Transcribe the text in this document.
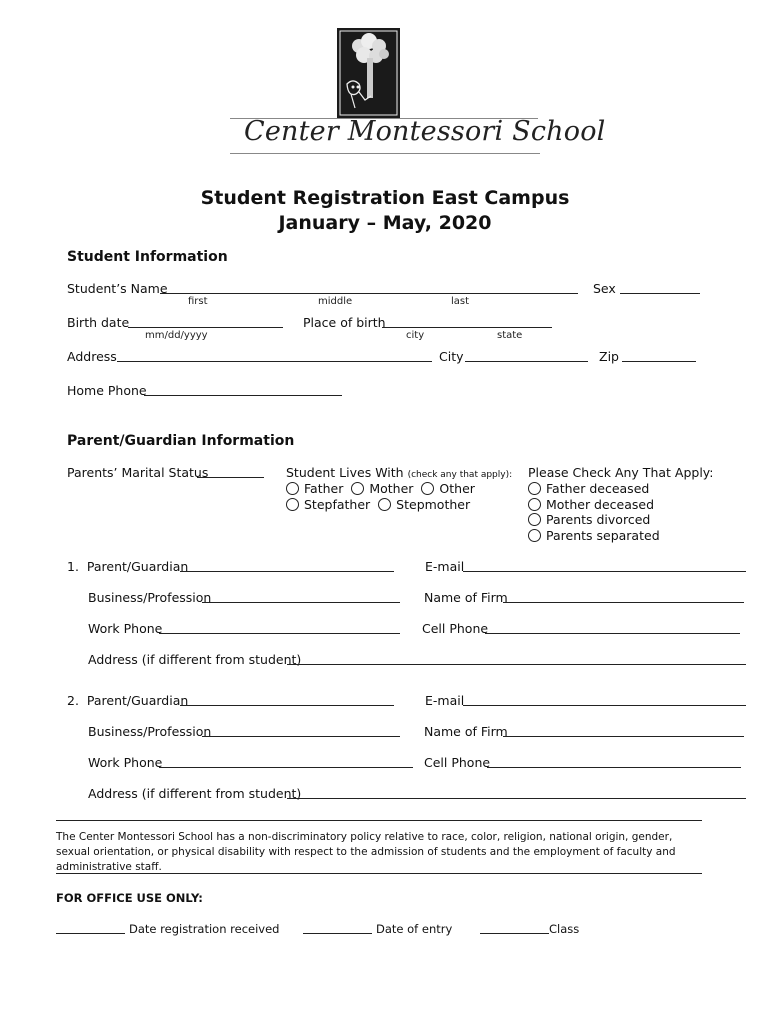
Center Montessori School
Student Registration East Campus
January – May, 2020
Student Information
Student’s Name
first	middle	last
Sex
Birth date
mm/dd/yyyy
Place of birth
city	state
Address	City	Zip
Home Phone
Parent/Guardian Information
Parents’ Marital Status	Student Lives With (check any that apply):
Father Mother Other
Stepfather Stepmother
Please Check Any That Apply:
Father deceased
Mother deceased
Parents divorced
Parents separated
1. Parent/Guardian	E-mail
Business/Profession	Name of Firm
Work Phone	Cell Phone
Address (if different from student)
2. Parent/Guardian	E-mail
Business/Profession	Name of Firm
Work Phone	Cell Phone
Address (if different from student)
The Center Montessori School has a non-discriminatory policy relative to race, color, religion, national origin, gender, sexual orientation, or physical disability with respect to the admission of students and the employment of faculty and administrative staff.
FOR OFFICE USE ONLY:
Date registration received	Date of entry	Class
